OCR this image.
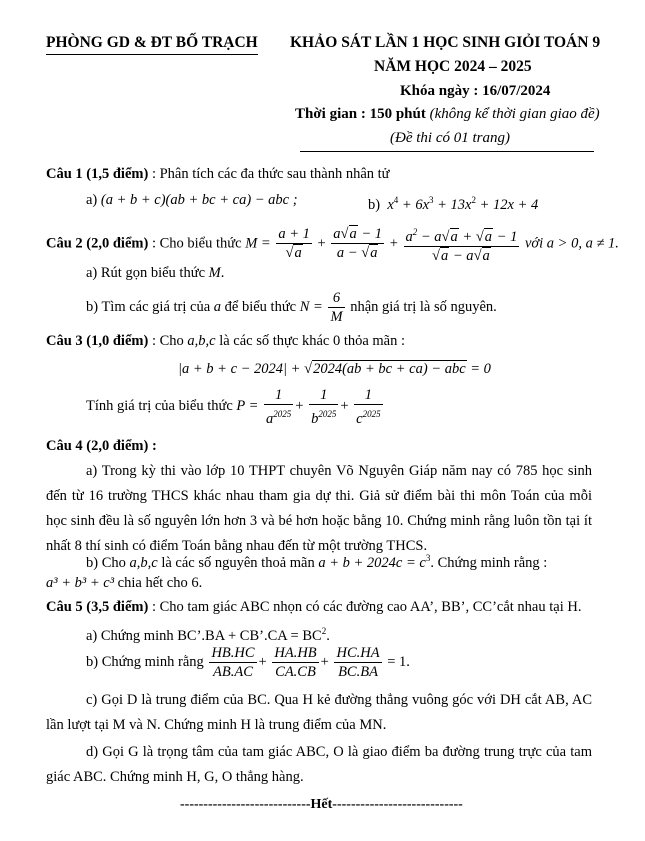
PHÒNG GD & ĐT BỐ TRẠCH KHẢO SÁT LẦN 1 HỌC SINH GIỎI TOÁN 9
NĂM HỌC 2024 – 2025
Khóa ngày : 16/07/2024
Thời gian : 150 phút (không kể thời gian giao đề)
(Đề thi có 01 trang)
Câu 1 (1,5 điểm) : Phân tích các đa thức sau thành nhân tử
a) (a + b + c)(ab + bc + ca) − abc ;	b) $x^4 + 6x^3 + 13x^2 + 12x + 4$
Câu 2 (2,0 điểm) : Cho biểu thức $M = \frac{a + 1}{√a} + \frac{a√a - 1}{a - √a} + \frac{a^2 - a√a + √a - 1}{√a - a√a}$ với a > 0, a ≠ 1.
a) Rút gọn biểu thức M.
b) Tìm các giá trị của a để biểu thức $N = \frac{6}{M}$ nhận giá trị là số nguyên.
Câu 3 (1,0 điểm) : Cho a,b,c là các số thực khác 0 thỏa mãn :
|a + b + c − 2024| + √2024(ab + bc + ca) − abc = 0
Tính giá trị của biểu thức $P = \frac{1}{a^{2025}} + \frac{1}{b^{2025}} + \frac{1}{c^{2025}}$
Câu 4 (2,0 điểm) :
a) Trong kỳ thi vào lớp 10 THPT chuyên Võ Nguyên Giáp năm nay có 785 học sinh đến từ 16 trường THCS khác nhau tham gia dự thi. Giả sử điểm bài thi môn Toán của mỗi học sinh đều là số nguyên lớn hơn 3 và bé hơn hoặc bằng 10. Chứng minh rằng luôn tồn tại ít nhất 8 thí sinh có điểm Toán bằng nhau đến từ một trường THCS.
b) Cho a,b,c là các số nguyên thoả mãn $a + b + 2024c = c^3$. Chứng minh rằng :
a³ + b³ + c³ chia hết cho 6.
Câu 5 (3,5 điểm) : Cho tam giác ABC nhọn có các đường cao AA’, BB’, CC’cắt nhau tại H.
a) Chứng minh BC’.BA + CB’.CA = $BC^2$.
b) Chứng minh rằng $\frac{HB.HC}{AB.AC} + \frac{HA.HB}{CA.CB} + \frac{HC.HA}{BC.BA} = 1$.
c) Gọi D là trung điểm của BC. Qua H kẻ đường thẳng vuông góc với DH cắt AB, AC lần lượt tại M và N. Chứng minh H là trung điểm của MN.
d) Gọi G là trọng tâm của tam giác ABC, O là giao điểm ba đường trung trực của tam giác ABC. Chứng minh H, G, O thẳng hàng.
----------------------------Hết----------------------------
